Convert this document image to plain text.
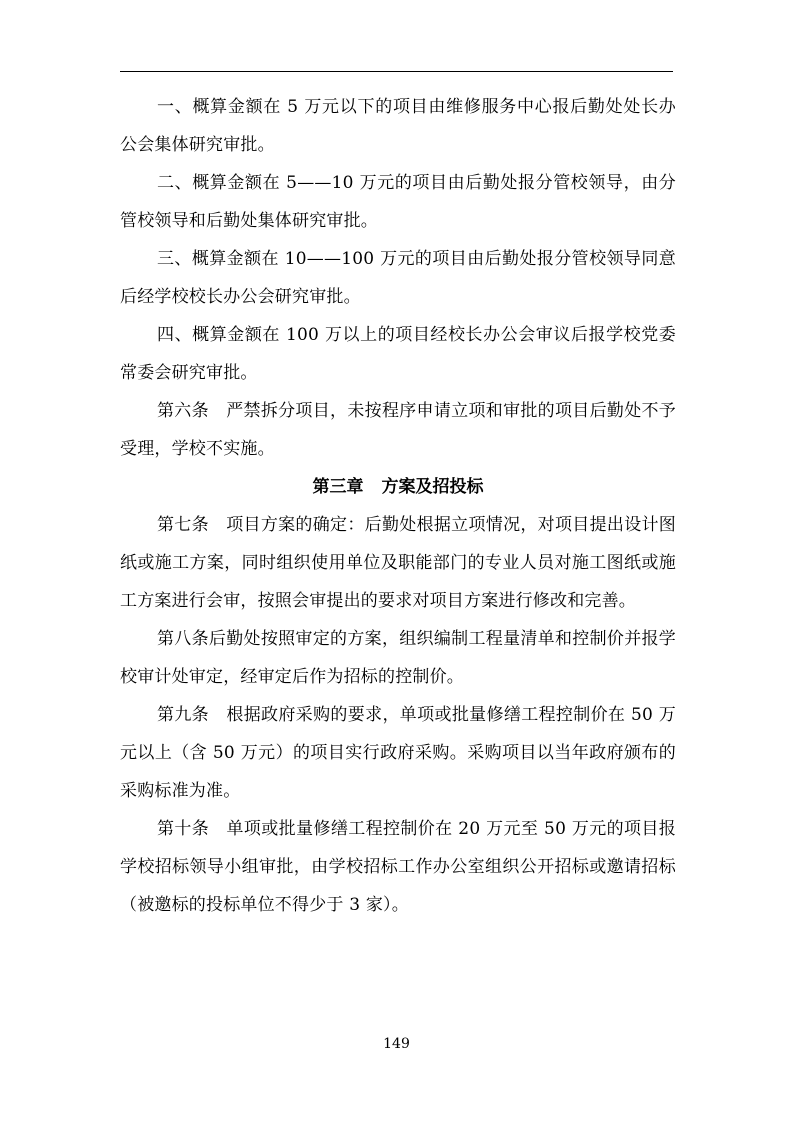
一、概算金额在 5 万元以下的项目由维修服务中心报后勤处处长办公会集体研究审批。

二、概算金额在 5——10 万元的项目由后勤处报分管校领导，由分管校领导和后勤处集体研究审批。

三、概算金额在 10——100 万元的项目由后勤处报分管校领导同意后经学校校长办公会研究审批。

四、概算金额在 100 万以上的项目经校长办公会审议后报学校党委常委会研究审批。

第六条　严禁拆分项目，未按程序申请立项和审批的项目后勤处不予受理，学校不实施。

第三章 方案及招投标

第七条　项目方案的确定：后勤处根据立项情况，对项目提出设计图纸或施工方案，同时组织使用单位及职能部门的专业人员对施工图纸或施工方案进行会审，按照会审提出的要求对项目方案进行修改和完善。

第八条后勤处按照审定的方案，组织编制工程量清单和控制价并报学校审计处审定，经审定后作为招标的控制价。

第九条　根据政府采购的要求，单项或批量修缮工程控制价在 50 万元以上（含 50 万元）的项目实行政府采购。采购项目以当年政府颁布的采购标准为准。

第十条　单项或批量修缮工程控制价在 20 万元至 50 万元的项目报学校招标领导小组审批，由学校招标工作办公室组织公开招标或邀请招标（被邀标的投标单位不得少于 3 家）。

149
